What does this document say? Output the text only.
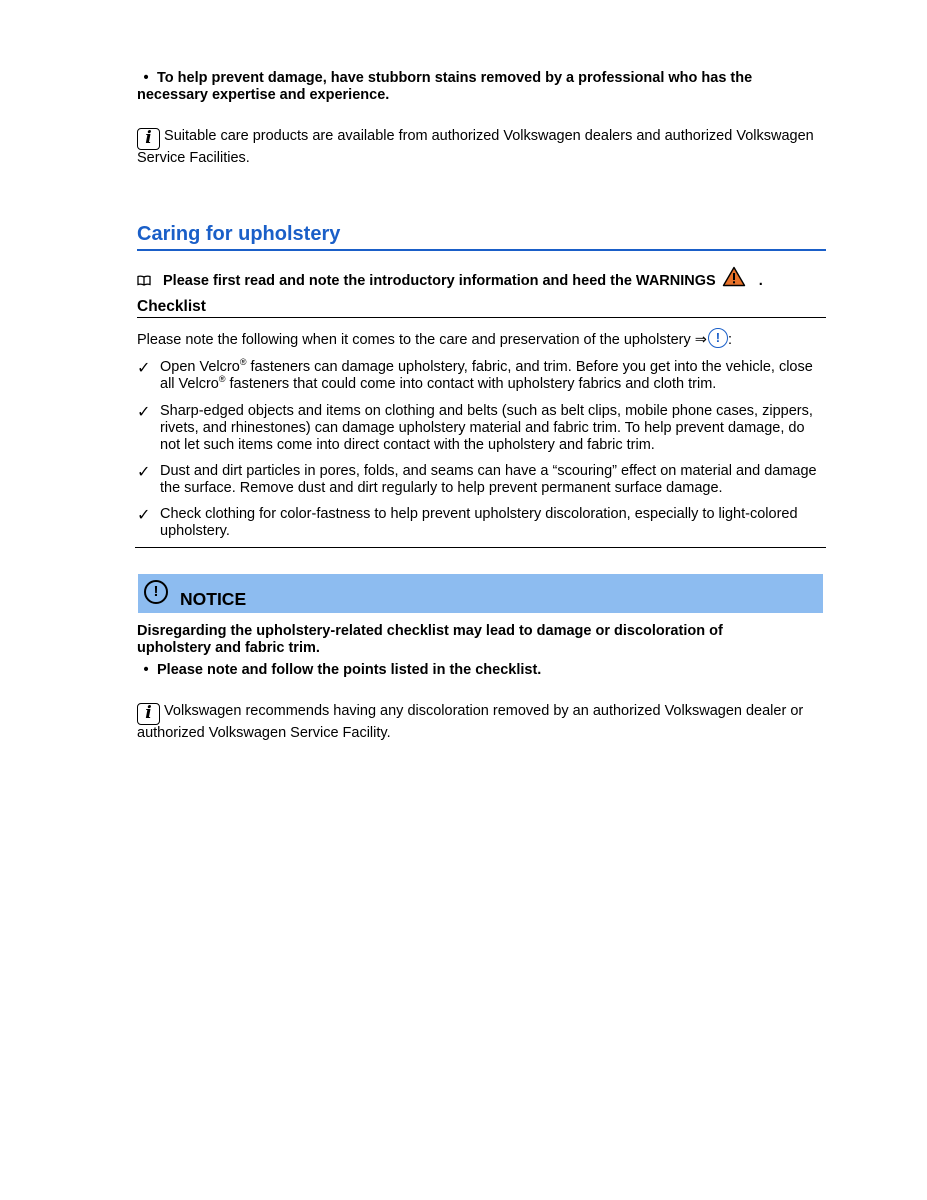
• To help prevent damage, have stubborn stains removed by a professional who has the necessary expertise and experience.
i Suitable care products are available from authorized Volkswagen dealers and authorized Volkswagen Service Facilities.
Caring for upholstery
Please first read and note the introductory information and heed the WARNINGS	.
Checklist
Please note the following when it comes to the care and preservation of the upholstery ⇒ ! :
✓ Open Velcro® fasteners can damage upholstery, fabric, and trim. Before you get into the vehicle, close all Velcro® fasteners that could come into contact with upholstery fabrics and cloth trim.
✓ Sharp-edged objects and items on clothing and belts (such as belt clips, mobile phone cases, zippers, rivets, and rhinestones) can damage upholstery material and fabric trim. To help prevent damage, do not let such items come into direct contact with the upholstery and fabric trim.
✓ Dust and dirt particles in pores, folds, and seams can have a “scouring” effect on material and damage the surface. Remove dust and dirt regularly to help prevent permanent surface damage.
✓ Check clothing for color-fastness to help prevent upholstery discoloration, especially to light-colored upholstery.
!	NOTICE
Disregarding the upholstery-related checklist may lead to damage or discoloration of upholstery and fabric trim.
• Please note and follow the points listed in the checklist.
i Volkswagen recommends having any discoloration removed by an authorized Volkswagen dealer or authorized Volkswagen Service Facility.
